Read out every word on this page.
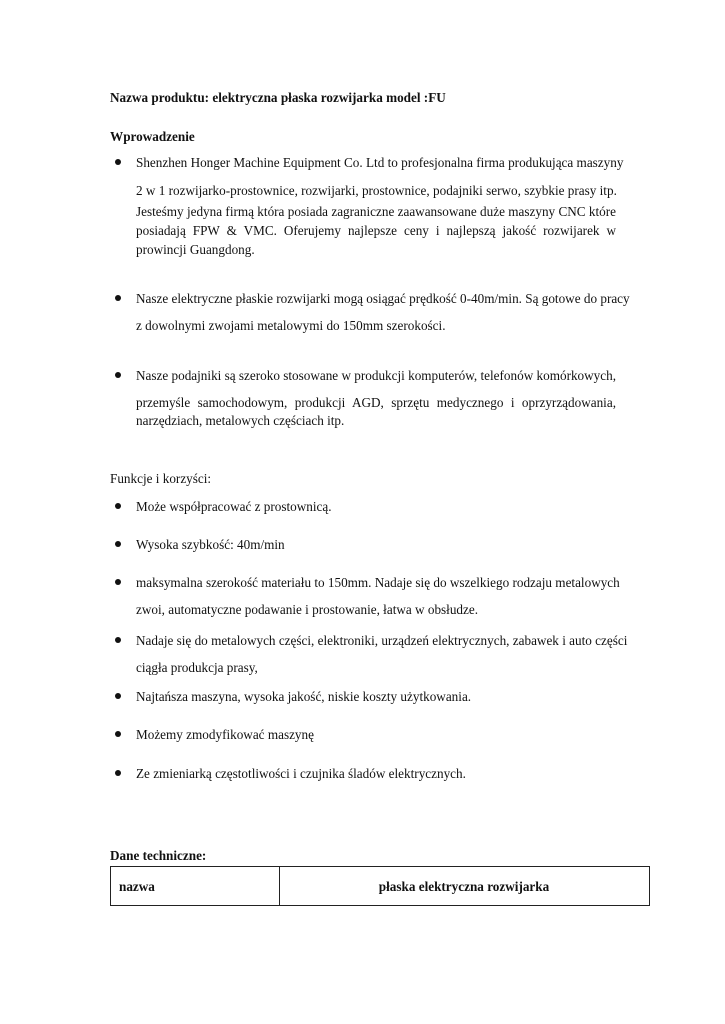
Nazwa produktu: elektryczna płaska rozwijarka model :FU
Wprowadzenie
Shenzhen Honger Machine Equipment Co. Ltd to profesjonalna firma produkująca maszyny
2 w 1 rozwijarko-prostownice, rozwijarki, prostownice, podajniki serwo, szybkie prasy itp.
Jesteśmy jedyna firmą która posiada zagraniczne zaawansowane duże maszyny CNC które posiadają FPW & VMC. Oferujemy najlepsze ceny i najlepszą jakość rozwijarek w prowincji Guangdong.
Nasze elektryczne płaskie rozwijarki mogą osiągać prędkość 0-40m/min. Są gotowe do pracy
z dowolnymi zwojami metalowymi do 150mm szerokości.
Nasze podajniki są szeroko stosowane w produkcji komputerów, telefonów komórkowych,
przemyśle samochodowym, produkcji AGD, sprzętu medycznego i oprzyrządowania,
narzędziach, metalowych częściach itp.
Funkcje i korzyści:
Może współpracować z prostownicą.
Wysoka szybkość: 40m/min
maksymalna szerokość materiału to 150mm. Nadaje się do wszelkiego rodzaju metalowych
zwoi, automatyczne podawanie i prostowanie, łatwa w obsłudze.
Nadaje się do metalowych części, elektroniki, urządzeń elektrycznych, zabawek i auto części
ciągła produkcja prasy,
Najtańsza maszyna, wysoka jakość, niskie koszty użytkowania.
Możemy zmodyfikować maszynę
Ze zmieniarką częstotliwości i czujnika śladów elektrycznych.
Dane techniczne:
nazwa	płaska elektryczna rozwijarka
